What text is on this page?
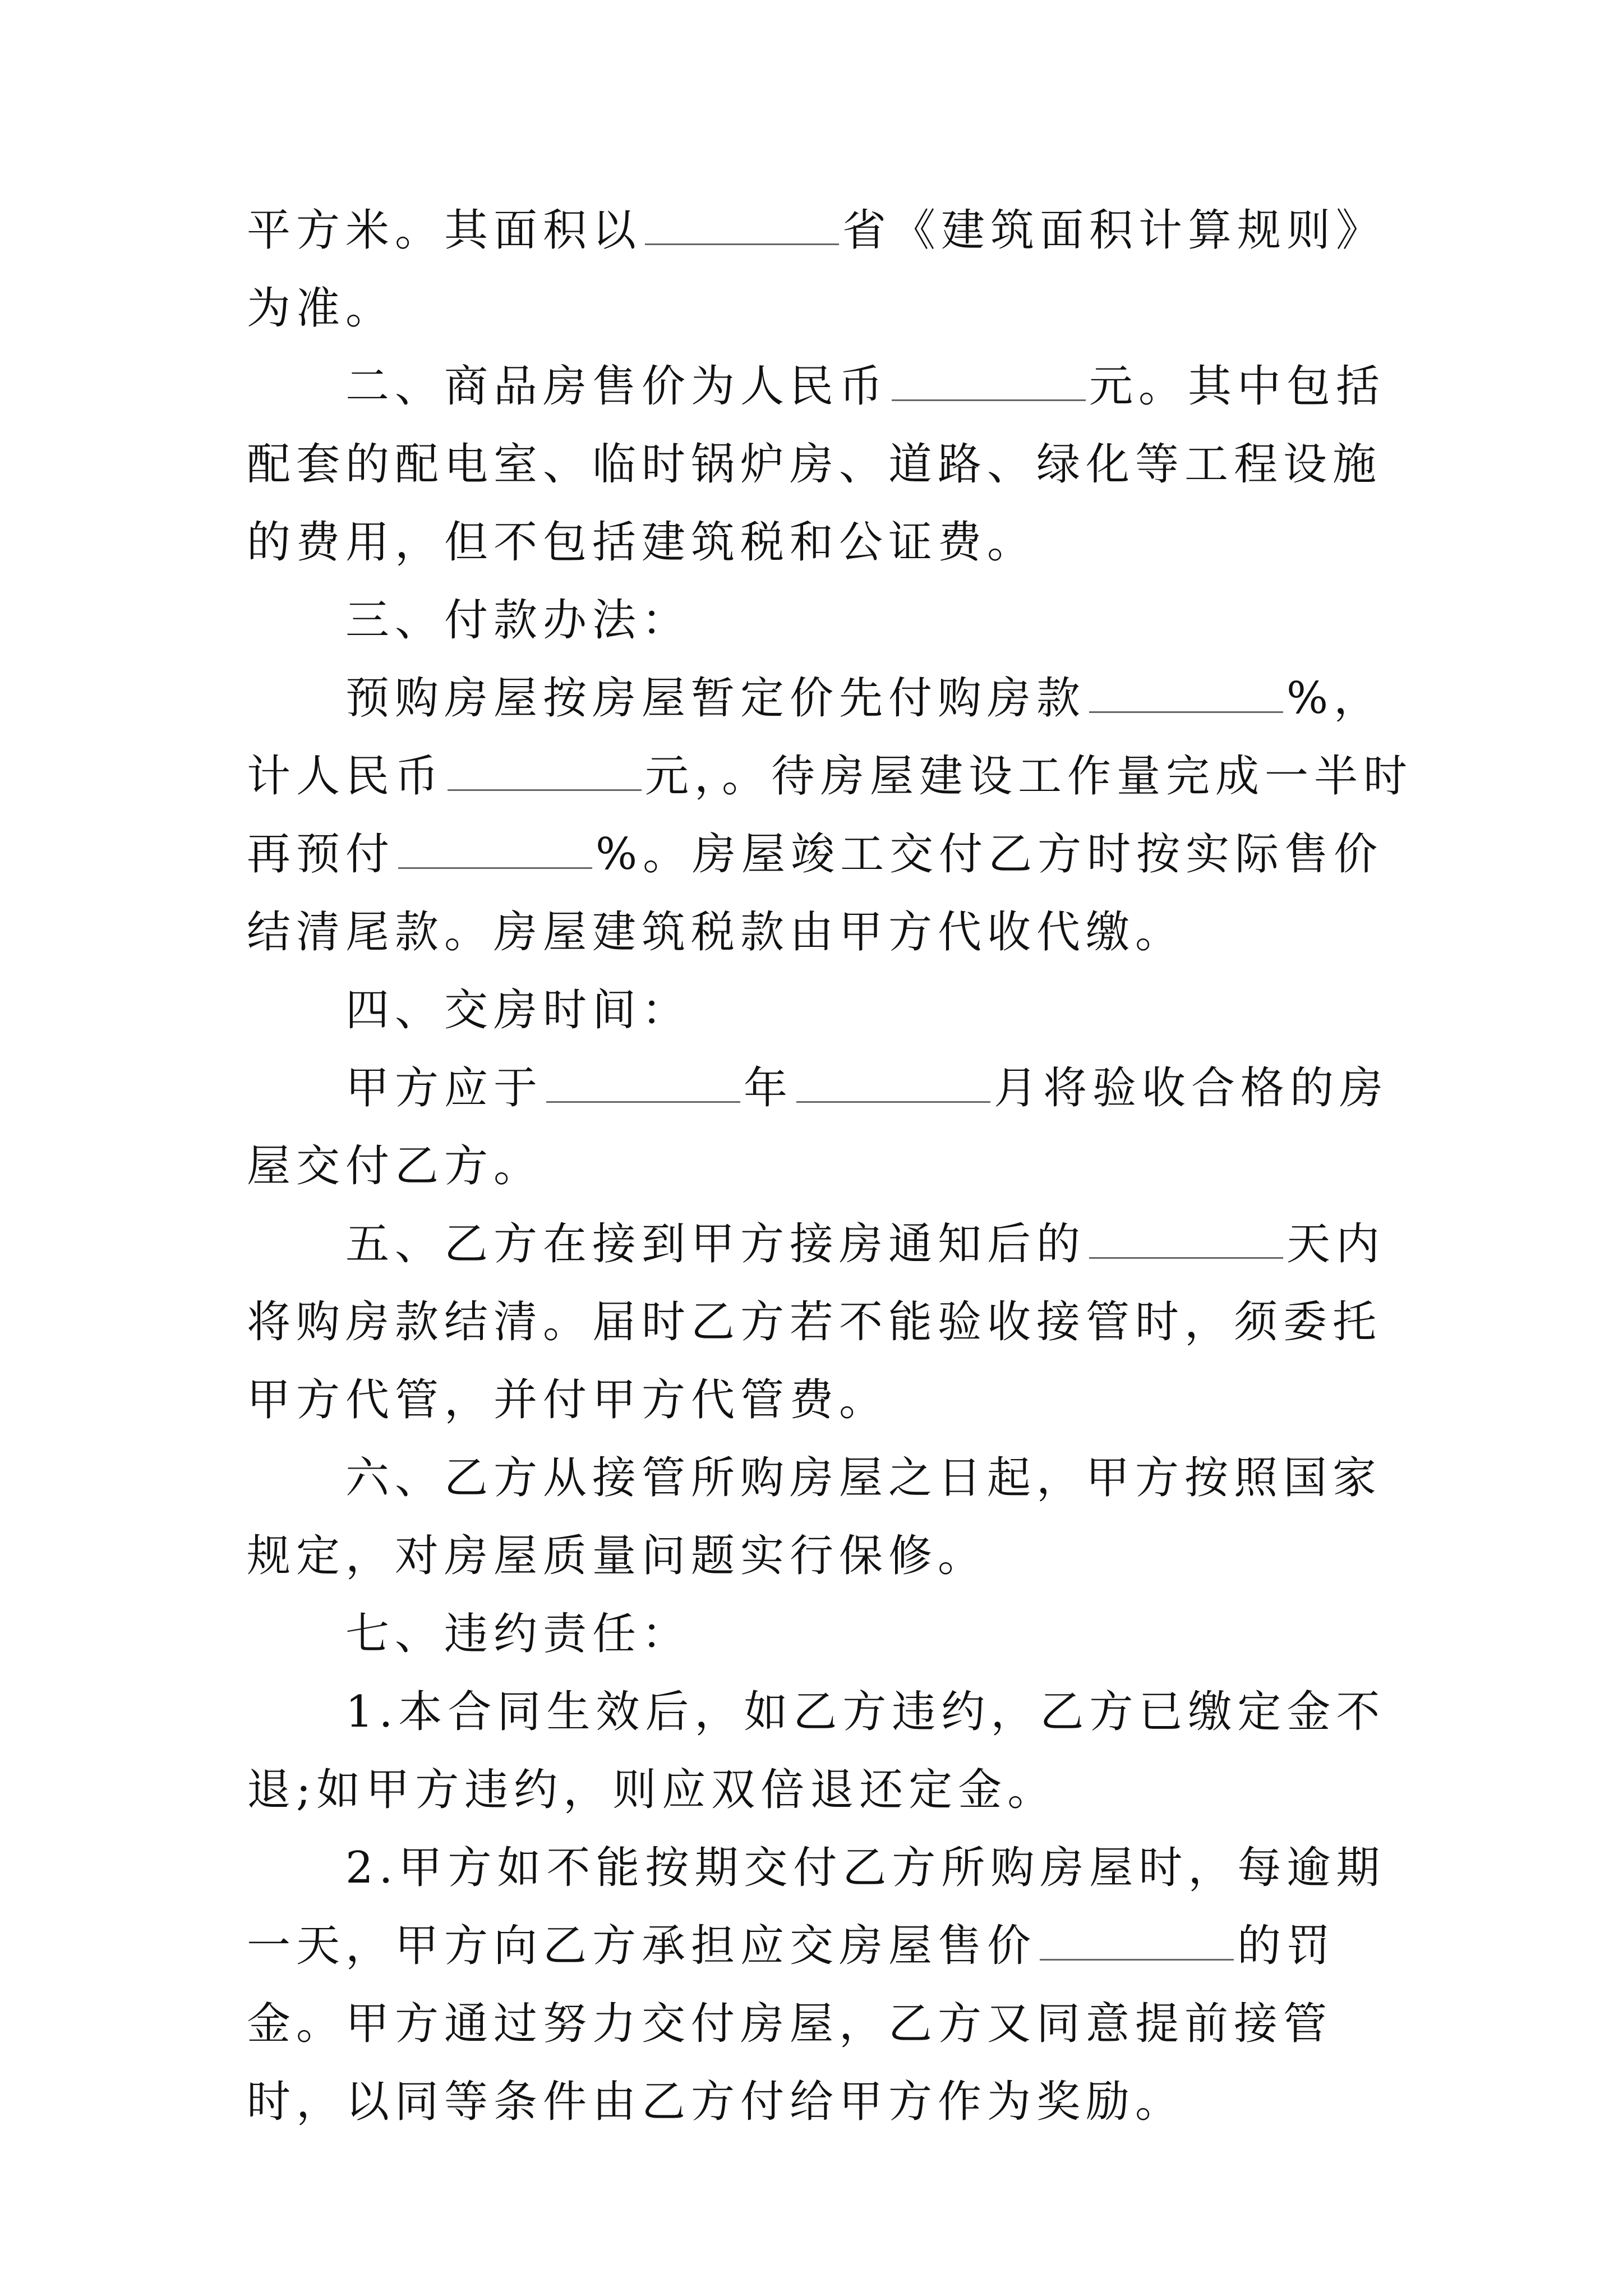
平方米。其面积以	省《建筑面积计算规则》为准。

二、商品房售价为人民币	元。其中包括配套的配电室、临时锅炉房、道路、绿化等工程设施的费用，但不包括建筑税和公证费。

三、付款办法：

预购房屋按房屋暂定价先付购房款	%，计人民币	元，。待房屋建设工作量完成一半时再预付	%。房屋竣工交付乙方时按实际售价结清尾款。房屋建筑税款由甲方代收代缴。

四、交房时间：

甲方应于	年	月将验收合格的房屋交付乙方。

五、乙方在接到甲方接房通知后的	天内将购房款结清。届时乙方若不能验收接管时，须委托甲方代管，并付甲方代管费。

六、乙方从接管所购房屋之日起，甲方按照国家规定，对房屋质量问题实行保修。

七、违约责任：

1.本合同生效后，如乙方违约，乙方已缴定金不退;如甲方违约，则应双倍退还定金。

2.甲方如不能按期交付乙方所购房屋时，每逾期一天，甲方向乙方承担应交房屋售价	的罚金。甲方通过努力交付房屋，乙方又同意提前接管时，以同等条件由乙方付给甲方作为奖励。
